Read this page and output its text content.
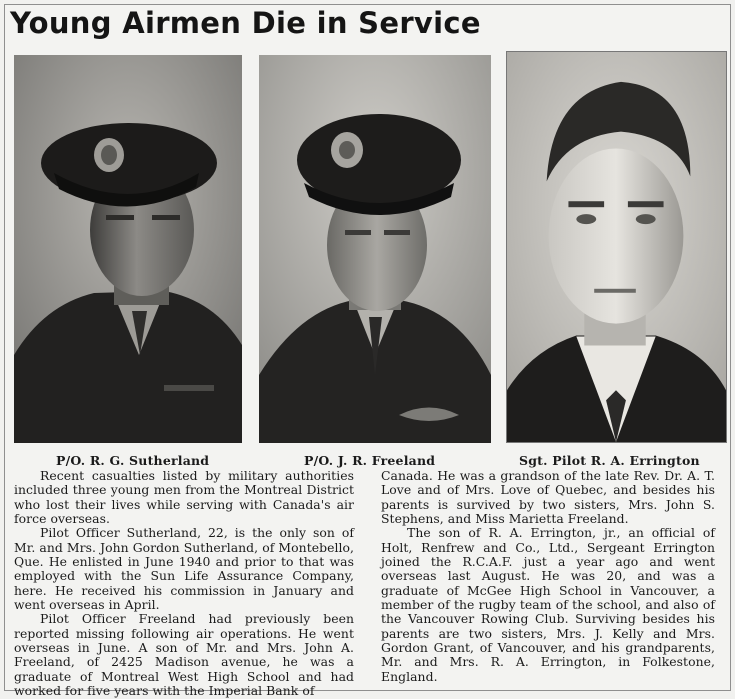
Young Airmen Die in Service
P/O. R. G. Sutherland	P/O. J. R. Freeland	Sgt. Pilot R. A. Errington

Recent casualties listed by military authorities included three young men from the Montreal District who lost their lives while serving with Canada's air force overseas.

Pilot Officer Sutherland, 22, is the only son of Mr. and Mrs. John Gordon Sutherland, of Montebello, Que. He enlisted in June 1940 and prior to that was employed with the Sun Life Assurance Company, here. He received his commission in January and went overseas in April.

Pilot Officer Freeland had previously been reported missing following air operations. He went overseas in June. A son of Mr. and Mrs. John A. Freeland, of 2425 Madison avenue, he was a graduate of Montreal West High School and had worked for five years with the Imperial Bank of

Canada. He was a grandson of the late Rev. Dr. A. T. Love and of Mrs. Love of Quebec, and besides his parents is survived by two sisters, Mrs. John S. Stephens, and Miss Marietta Freeland.

The son of R. A. Errington, jr., an official of Holt, Renfrew and Co., Ltd., Sergeant Errington joined the R.C.A.F. just a year ago and went overseas last August. He was 20, and was a graduate of McGee High School in Vancouver, a member of the rugby team of the school, and also of the Vancouver Rowing Club. Surviving besides his parents are two sisters, Mrs. J. Kelly and Mrs. Gordon Grant, of Vancouver, and his grandparents, Mr. and Mrs. R. A. Errington, in Folkestone, England.
